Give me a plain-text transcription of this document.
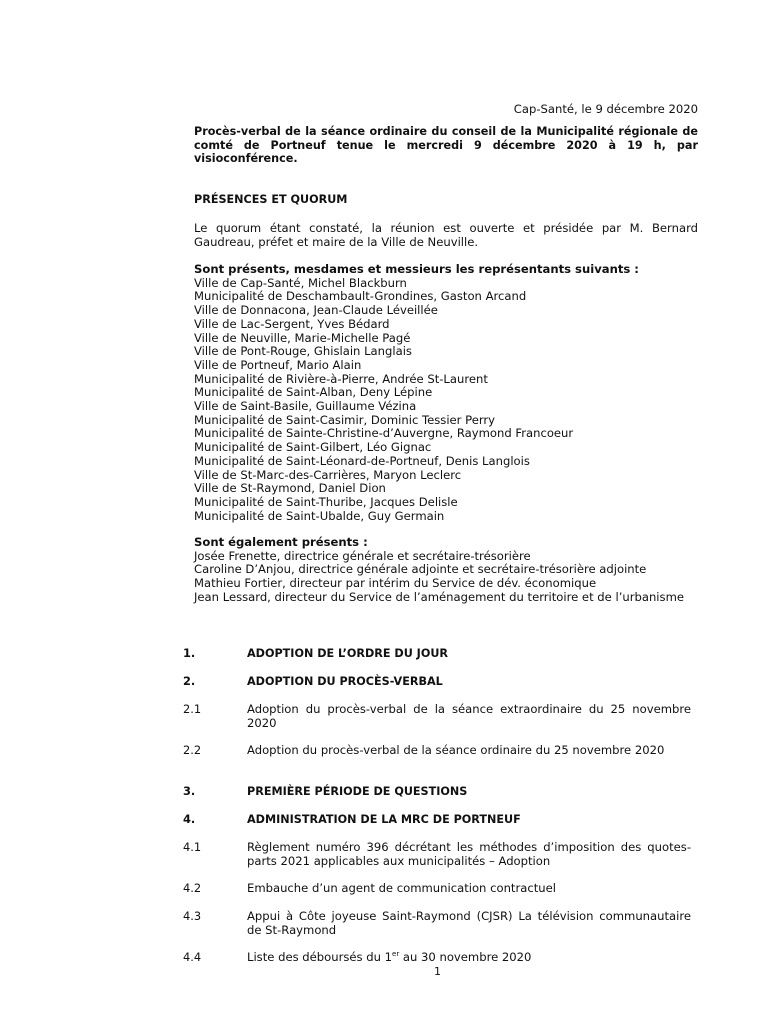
Cap-Santé, le 9 décembre 2020
Procès-verbal de la séance ordinaire du conseil de la Municipalité régionale de comté de Portneuf tenue le mercredi 9 décembre 2020 à 19 h, par visioconférence.
PRÉSENCES ET QUORUM
Le quorum étant constaté, la réunion est ouverte et présidée par M. Bernard Gaudreau, préfet et maire de la Ville de Neuville.
Sont présents, mesdames et messieurs les représentants suivants :
Ville de Cap-Santé, Michel Blackburn
Municipalité de Deschambault-Grondines, Gaston Arcand
Ville de Donnacona, Jean-Claude Léveillée
Ville de Lac-Sergent, Yves Bédard
Ville de Neuville, Marie-Michelle Pagé
Ville de Pont-Rouge, Ghislain Langlais
Ville de Portneuf, Mario Alain
Municipalité de Rivière-à-Pierre, Andrée St-Laurent
Municipalité de Saint-Alban, Deny Lépine
Ville de Saint-Basile, Guillaume Vézina
Municipalité de Saint-Casimir, Dominic Tessier Perry
Municipalité de Sainte-Christine-d’Auvergne, Raymond Francoeur
Municipalité de Saint-Gilbert, Léo Gignac
Municipalité de Saint-Léonard-de-Portneuf, Denis Langlois
Ville de St-Marc-des-Carrières, Maryon Leclerc
Ville de St-Raymond, Daniel Dion
Municipalité de Saint-Thuribe, Jacques Delisle
Municipalité de Saint-Ubalde, Guy Germain
Sont également présents :
Josée Frenette, directrice générale et secrétaire-trésorière
Caroline D’Anjou, directrice générale adjointe et secrétaire-trésorière adjointe
Mathieu Fortier, directeur par intérim du Service de dév. économique
Jean Lessard, directeur du Service de l’aménagement du territoire et de l’urbanisme
1.	ADOPTION DE L’ORDRE DU JOUR
2.	ADOPTION DU PROCÈS-VERBAL
2.1	Adoption du procès-verbal de la séance extraordinaire du 25 novembre 2020
2.2	Adoption du procès-verbal de la séance ordinaire du 25 novembre 2020
3.	PREMIÈRE PÉRIODE DE QUESTIONS
4.	ADMINISTRATION DE LA MRC DE PORTNEUF
4.1	Règlement numéro 396 décrétant les méthodes d’imposition des quotes-parts 2021 applicables aux municipalités – Adoption
4.2	Embauche d’un agent de communication contractuel
4.3	Appui à Côte joyeuse Saint-Raymond (CJSR) La télévision communautaire de St-Raymond
4.4	Liste des déboursés du 1er au 30 novembre 2020
1
